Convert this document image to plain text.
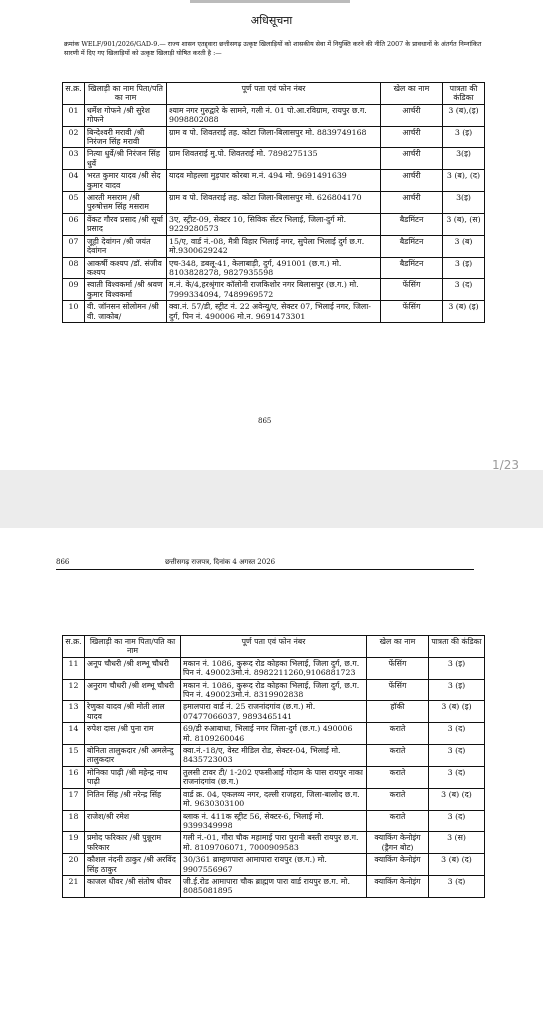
अधिसूचना
क्रमांक WELF/901/2026/GAD-9.— राज्य शासन एतद्द्वारा छत्तीसगढ़ उत्कृष्ट खिलाड़ियों को शासकीय सेवा में नियुक्ति करने की नीति 2007 के प्रावधानों के अंतर्गत निम्नांकित सारणी में दिए गए खिलाड़ियों को उत्कृष्ट खिलाड़ी घोषित करती है :—
स.क्र.	खिलाड़ी का नाम पिता/पति का नाम	पूर्ण पता एवं फोन नंबर	खेल का नाम	पात्रता की कंडिका
01	धर्मेश गोफने /श्री सुरेश गोफने	श्याम नगर गुरुद्वारे के सामने, गली नं. 01 पो.आ.रविग्राम, रायपुर छ.ग. 9098802088	आर्चरी	3 (ब),(इ)
02	बिन्देश्वरी मरावी /श्री निरंजन सिंह मरावी	ग्राम व पो. शिवतराई तह. कोटा जिला-बिलासपुर मो. 8839749168	आर्चरी	3 (इ)
03	नित्या धुर्वे/श्री निरंजन सिंह धुर्वे	ग्राम शिवतराई मु.पो. शिवतराई मो. 7898275135	आर्चरी	3(इ)
04	भरत कुमार यादव /श्री सेद कुमार यादव	यादव मोहल्ला मुड़पार कोरबा म.नं. 494 मो. 9691491639	आर्चरी	3 (ब), (द)
05	आरती मसराम /श्री पुरुषोत्तम सिंह मसराम	ग्राम व पो. शिवतराई तह. कोटा जिला-बिलासपुर मो. 626804170	आर्चरी	3(इ)
06	वेंकट गौरव प्रसाद /श्री सूर्या प्रसाद	3ए, स्ट्रीट-09, सेक्टर 10, सिविक सेंटर भिलाई, जिला-दुर्ग मो. 9229280573	बैडमिंटन	3 (ब), (स)
07	जूही देवांगन /श्री जयंत देवांगन	15/ए, वार्ड नं.-08, मैत्री विहार भिलाई नगर, सुपेला भिलाई दुर्ग छ.ग. मो.9300629242	बैडमिंटन	3 (ब)
08	आकर्षी कश्यप /डॉ. संजीव कश्यप	एच-348, डबलू-41, केलाबाड़ी, दुर्ग, 491001 (छ.ग.) मो. 8103828278, 9827935598	बैडमिंटन	3 (इ)
09	स्वाती विश्वकर्मा /श्री श्रवण कुमार विश्वकर्मा	म.नं. के/4,हरश्रृंगार कॉलोनी राजकिशोर नगर बिलासपुर (छ.ग.) मो. 7999334094, 7489969572	फेंसिंग	3 (द)
10	वी. जॉनसन सोलोमन /श्री वी. जाकोब/	क्वा.नं. 57/डी, स्ट्रीट नं. 22 अवेन्यू/ए, सेक्टर 07, भिलाई नगर, जिला-दुर्ग, पिन नं. 490006 मो.न. 9691473301	फेंसिंग	3 (ब) (इ)
865
1/23
866	छत्तीसगढ़ राजपत्र, दिनांक 4 अगस्त 2026
स.क्र.	खिलाड़ी का नाम पिता/पति का नाम	पूर्ण पता एवं फोन नंबर	खेल का नाम	पात्रता की कंडिका
11	अनूप चौधरी /श्री शम्भू चौधरी	मकान नं. 1086, कुरूद रोड कोहका भिलाई, जिला दुर्ग, छ.ग. पिन नं. 490023मो.नं. 8982211260,9106881723	फेंसिंग	3 (इ)
12	अनुराग चौधरी /श्री शम्भू चौधरी	मकान नं. 1086, कुरूद रोड कोहका भिलाई, जिला दुर्ग, छ.ग. पिन नं. 490023मो.नं. 8319902838	फेंसिंग	3 (इ)
13	रेणुका यादव /श्री मोती लाल यादव	हमालपारा वार्ड नं. 25 राजनांदगांव (छ.ग.) मो. 07477066037, 9893465141	हॉकी	3 (ब) (इ)
14	रुपेश दास /श्री पुना राम	69/डी रुआबाधा, भिलाई नगर जिला-दुर्ग (छ.ग.) 490006 मो. 8109260046	कराते	3 (द)
15	बोनिता तालुकदार /श्री अमलेन्दु तालुकदार	क्वा.नं.-18/ए, वेस्ट मीडिल रोड, सेक्टर-04, भिलाई मो. 8435723003	कराते	3 (द)
16	मोनिका पाढ़ी /श्री महेन्द्र नाथ पाढ़ी	तुलसी टावर टी/ 1-202 एफसीआई गोदाम के पास रायपुर नाका राजनांदगांव (छ.ग.)	कराते	3 (द)
17	नितिन सिंह /श्री नरेन्द्र सिंह	वार्ड क्र. 04, एकलव्य नगर, दल्ली राजहरा, जिला-बालोद छ.ग. मो. 9630303100	कराते	3 (ब) (द)
18	राजेश/श्री रमेश	ब्लाक नं. 411क स्ट्रीट 56, सेक्टर-6, भिलाई मो. 9399349998	कराते	3 (द)
19	प्रमोद फरिकार /श्री पुन्नूराम फरिकार	गली नं.-01, गौरा चौक महामाई पारा पुरानी बस्ती रायपुर छ.ग. मो. 8109706071, 7000909583	क्याकिंग केनोइंग (ड्रैगन बोट)	3 (स)
20	कौशल नंदनी ठाकुर /श्री अरविंद सिंह ठाकुर	30/361 ब्राम्हणपारा आमापारा रायपुर (छ.ग.) मो. 9907556967	क्याकिंग केनोइंग	3 (ब) (द)
21	काजल धीवर /श्री संतोष धीवर	जी.ई.रोड आमापारा चौक ब्राह्मण पारा वार्ड रायपुर छ.ग. मो. 8085081895	क्याकिंग केनोइंग	3 (द)
